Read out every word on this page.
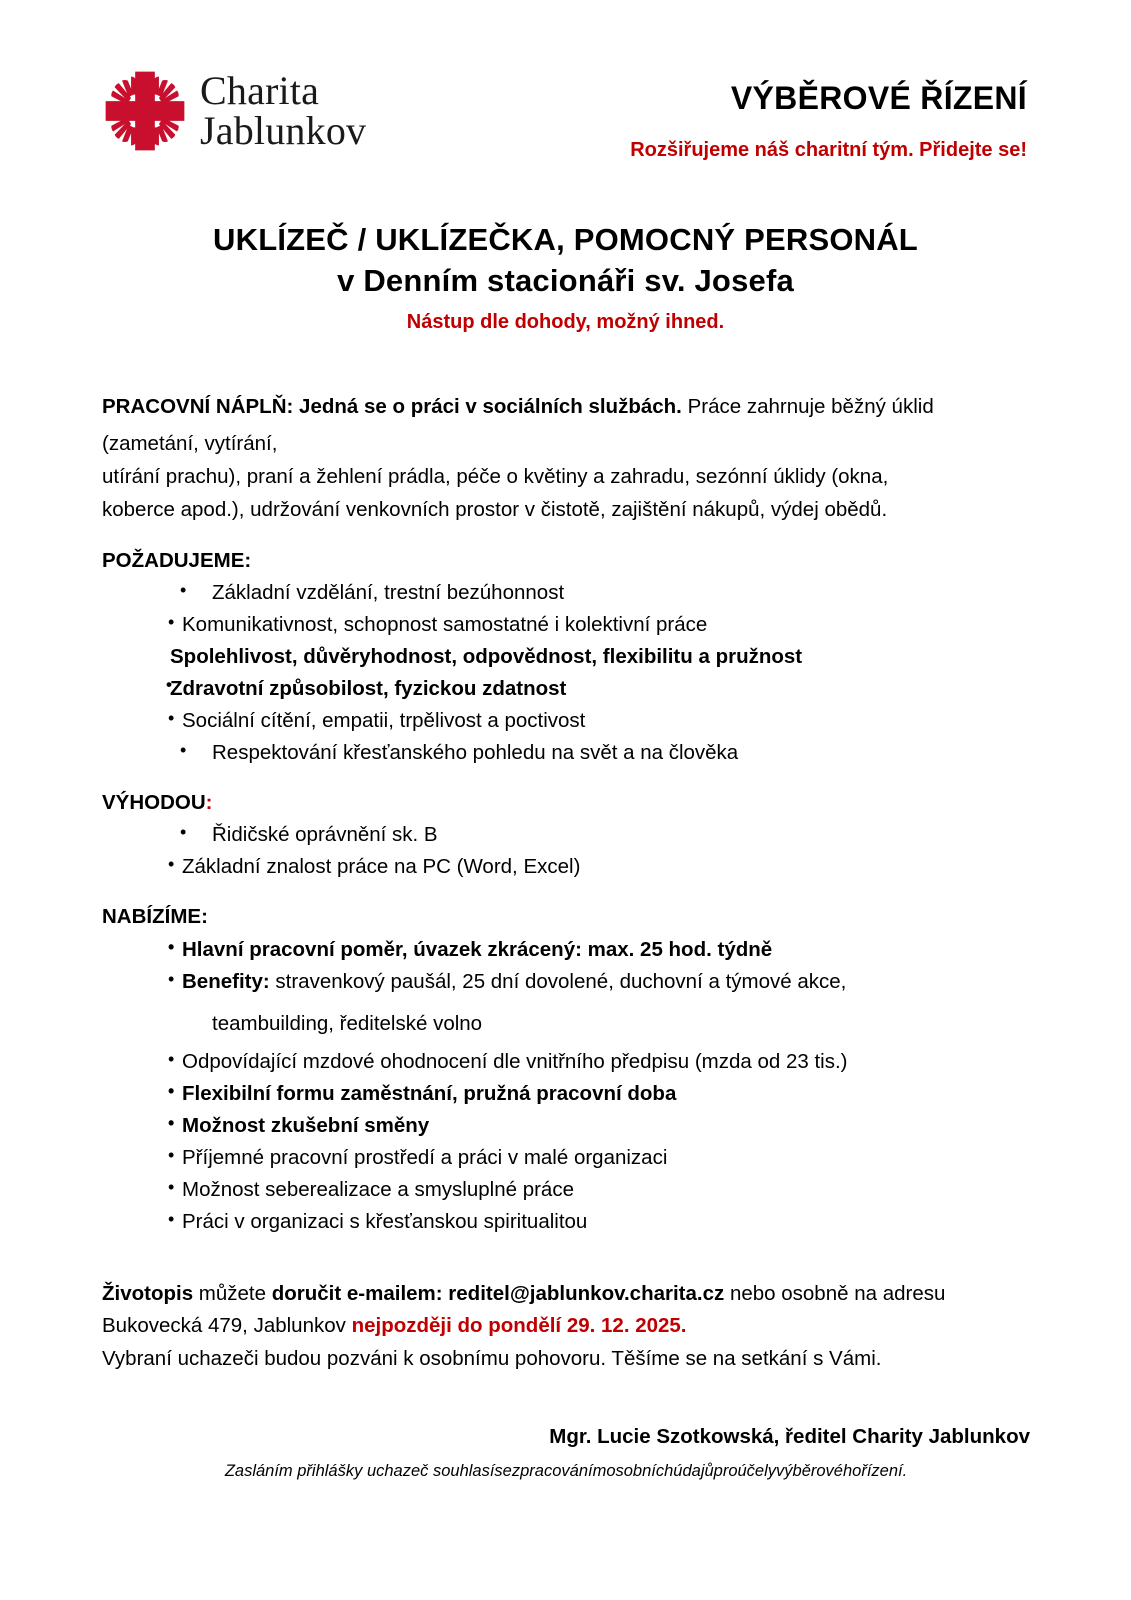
Charita
Jablunkov
VÝBĚROVÉ ŘÍZENÍ
Rozšiřujeme náš charitní tým. Přidejte se!
UKLÍZEČ / UKLÍZEČKA, POMOCNÝ PERSONÁL
v Denním stacionáři sv. Josefa
Nástup dle dohody, možný ihned.
PRACOVNÍ NÁPLŇ: Jedná se o práci v sociálních službách. Práce zahrnuje běžný úklid
(zametání, vytírání,
utírání prachu), praní a žehlení prádla, péče o květiny a zahradu, sezónní úklidy (okna,
koberce apod.), udržování venkovních prostor v čistotě, zajištění nákupů, výdej obědů.
POŽADUJEME:
• Základní vzdělání, trestní bezúhonnost
• Komunikativnost, schopnost samostatné i kolektivní práce
Spolehlivost, důvěryhodnost, odpovědnost, flexibilitu a pružnost
• Zdravotní způsobilost, fyzickou zdatnost
• Sociální cítění, empatii, trpělivost a poctivost
• Respektování křesťanského pohledu na svět a na člověka
VÝHODOU:
• Řidičské oprávnění sk. B
• Základní znalost práce na PC (Word, Excel)
NABÍZÍME:
• Hlavní pracovní poměr, úvazek zkrácený: max. 25 hod. týdně
• Benefity: stravenkový paušál, 25 dní dovolené, duchovní a týmové akce,
teambuilding, ředitelské volno
• Odpovídající mzdové ohodnocení dle vnitřního předpisu (mzda od 23 tis.)
• Flexibilní formu zaměstnání, pružná pracovní doba
• Možnost zkušební směny
• Příjemné pracovní prostředí a práci v malé organizaci
• Možnost seberealizace a smysluplné práce
• Práci v organizaci s křesťanskou spiritualitou
Životopis můžete doručit e-mailem: reditel@jablunkov.charita.cz nebo osobně na adresu
Bukovecká 479, Jablunkov nejpozději do pondělí 29. 12. 2025.
Vybraní uchazeči budou pozváni k osobnímu pohovoru. Těšíme se na setkání s Vámi.
Mgr. Lucie Szotkowská, ředitel Charity Jablunkov
Zasláním přihlášky uchazeč souhlasísezpracovánímosobníchúdajůproúčelyvýběrovéhořízení.
